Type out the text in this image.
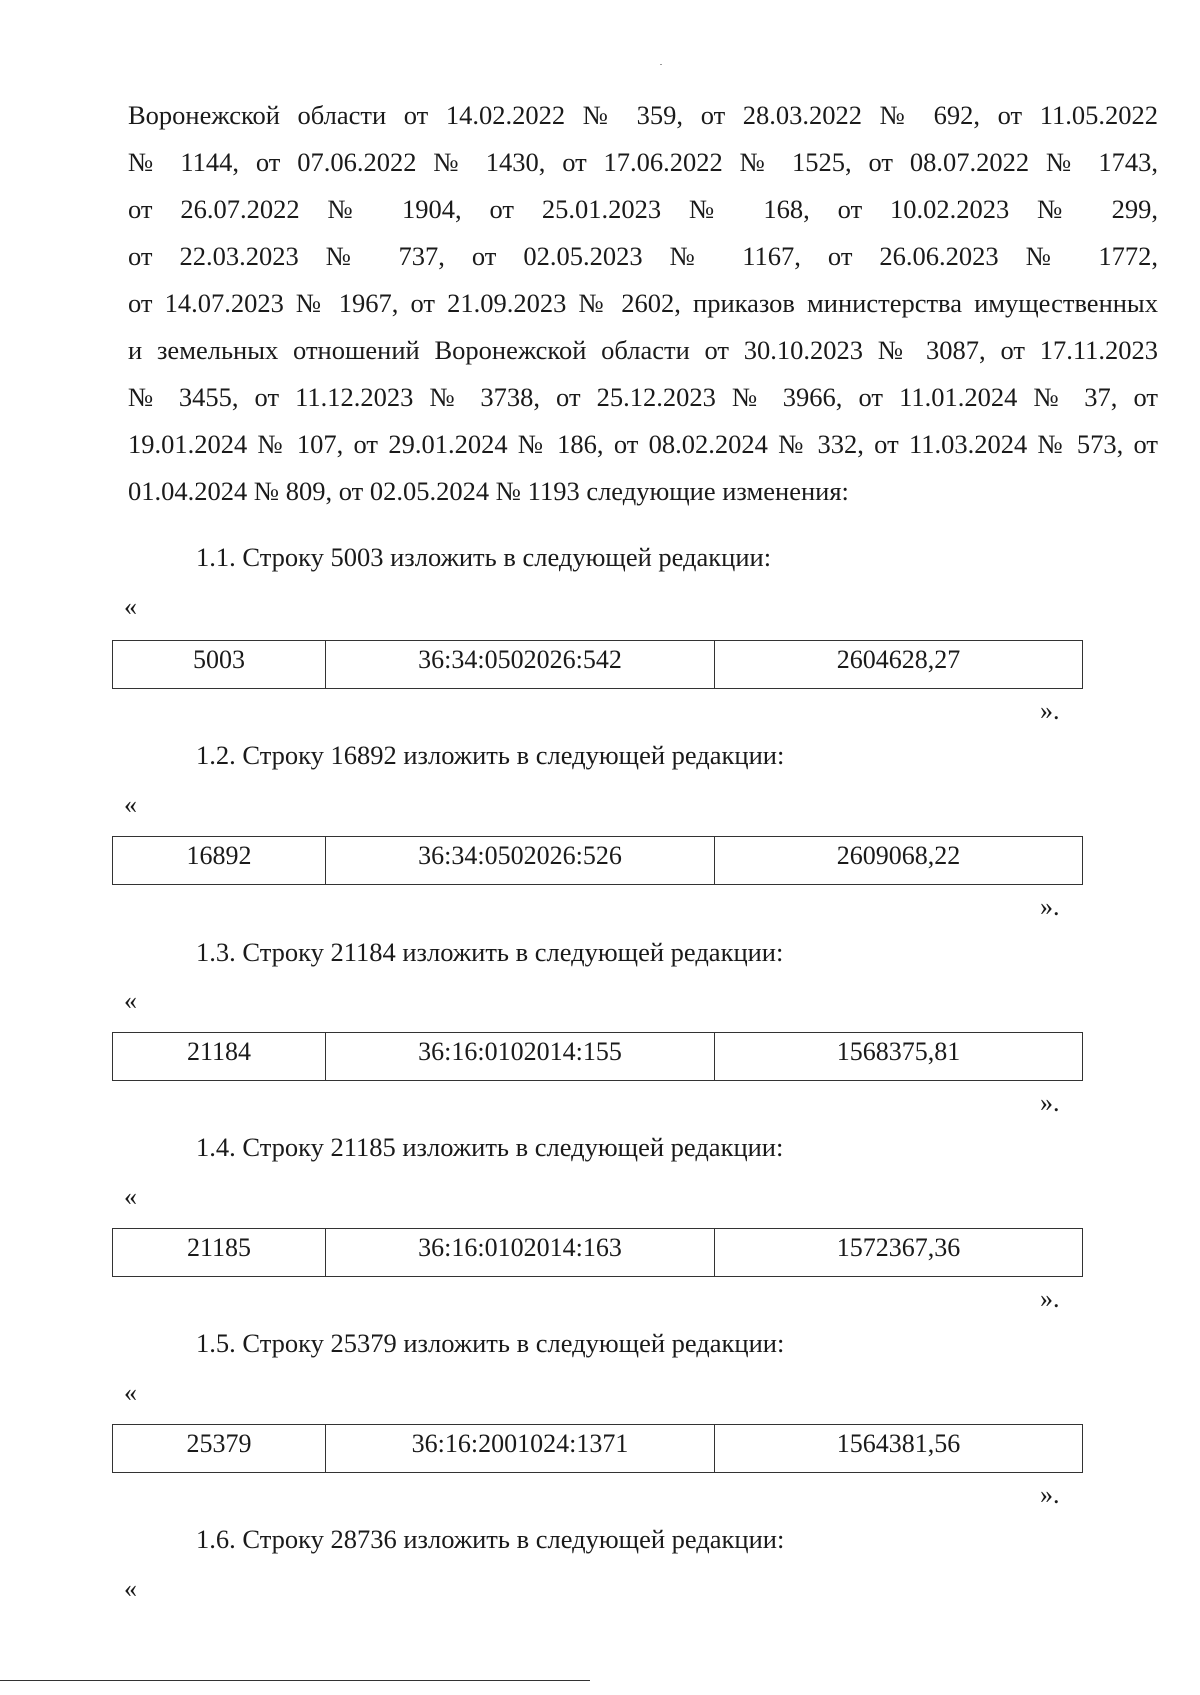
Воронежской области от 14.02.2022 № 359, от 28.03.2022 № 692, от 11.05.2022
№ 1144, от 07.06.2022 № 1430, от 17.06.2022 № 1525, от 08.07.2022 № 1743,
от 26.07.2022 № 1904, от 25.01.2023 № 168, от 10.02.2023 № 299,
от 22.03.2023 № 737, от 02.05.2023 № 1167, от 26.06.2023 № 1772,
от 14.07.2023 № 1967, от 21.09.2023 № 2602, приказов министерства имущественных
и земельных отношений Воронежской области от 30.10.2023 № 3087, от 17.11.2023
№ 3455, от 11.12.2023 № 3738, от 25.12.2023 № 3966, от 11.01.2024 № 37, от
19.01.2024 № 107, от 29.01.2024 № 186, от 08.02.2024 № 332, от 11.03.2024 № 573, от
01.04.2024 № 809, от 02.05.2024 № 1193 следующие изменения:
1.1. Строку 5003 изложить в следующей редакции:
«
5003	36:34:0502026:542	2604628,27
».
1.2. Строку 16892 изложить в следующей редакции:
«
16892	36:34:0502026:526	2609068,22
».
1.3. Строку 21184 изложить в следующей редакции:
«
21184	36:16:0102014:155	1568375,81
».
1.4. Строку 21185 изложить в следующей редакции:
«
21185	36:16:0102014:163	1572367,36
».
1.5. Строку 25379 изложить в следующей редакции:
«
25379	36:16:2001024:1371	1564381,56
».
1.6. Строку 28736 изложить в следующей редакции:
«
